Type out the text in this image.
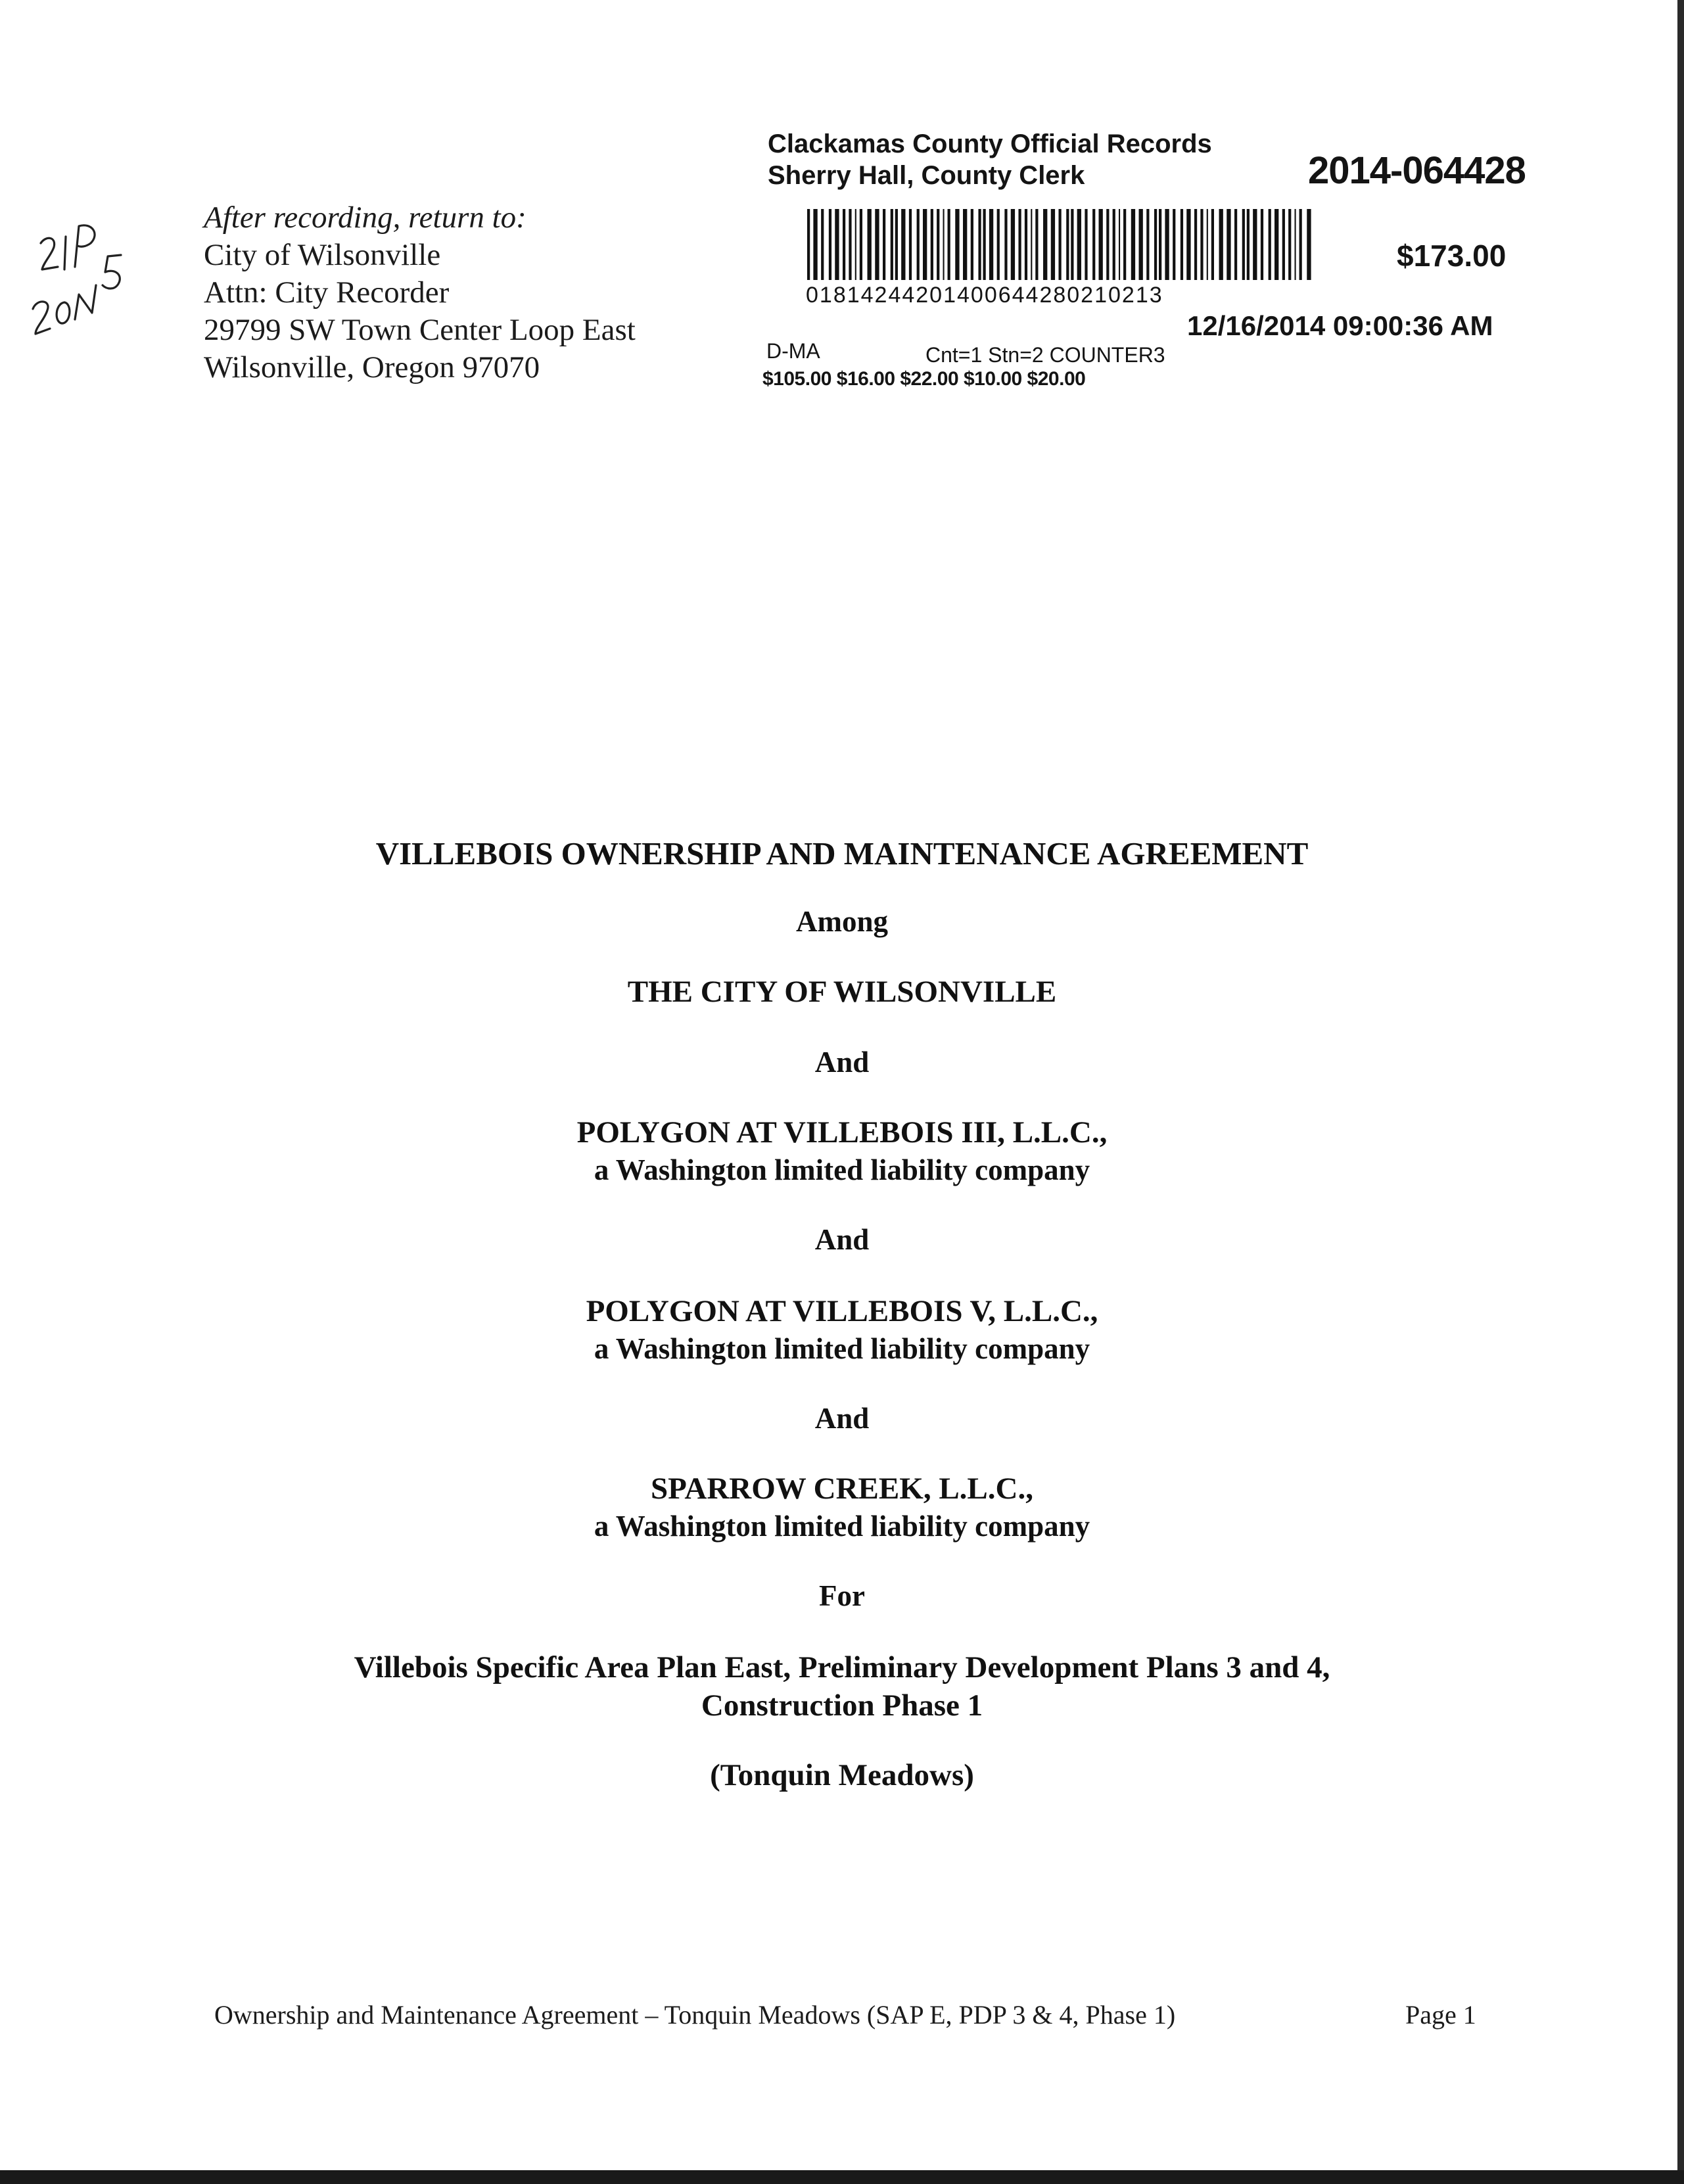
After recording, return to:
City of Wilsonville
Attn: City Recorder
29799 SW Town Center Loop East
Wilsonville, Oregon 97070
Clackamas County Official Records
Sherry Hall, County Clerk	2014-064428
$173.00
01814244201400644280210213
12/16/2014 09:00:36 AM
D-MA	Cnt=1 Stn=2 COUNTER3
$105.00 $16.00 $22.00 $10.00 $20.00
VILLEBOIS OWNERSHIP AND MAINTENANCE AGREEMENT
Among
THE CITY OF WILSONVILLE
And
POLYGON AT VILLEBOIS III, L.L.C.,
a Washington limited liability company
And
POLYGON AT VILLEBOIS V, L.L.C.,
a Washington limited liability company
And
SPARROW CREEK, L.L.C.,
a Washington limited liability company
For
Villebois Specific Area Plan East, Preliminary Development Plans 3 and 4,
Construction Phase 1
(Tonquin Meadows)
Ownership and Maintenance Agreement – Tonquin Meadows (SAP E, PDP 3 & 4, Phase 1)	Page 1
